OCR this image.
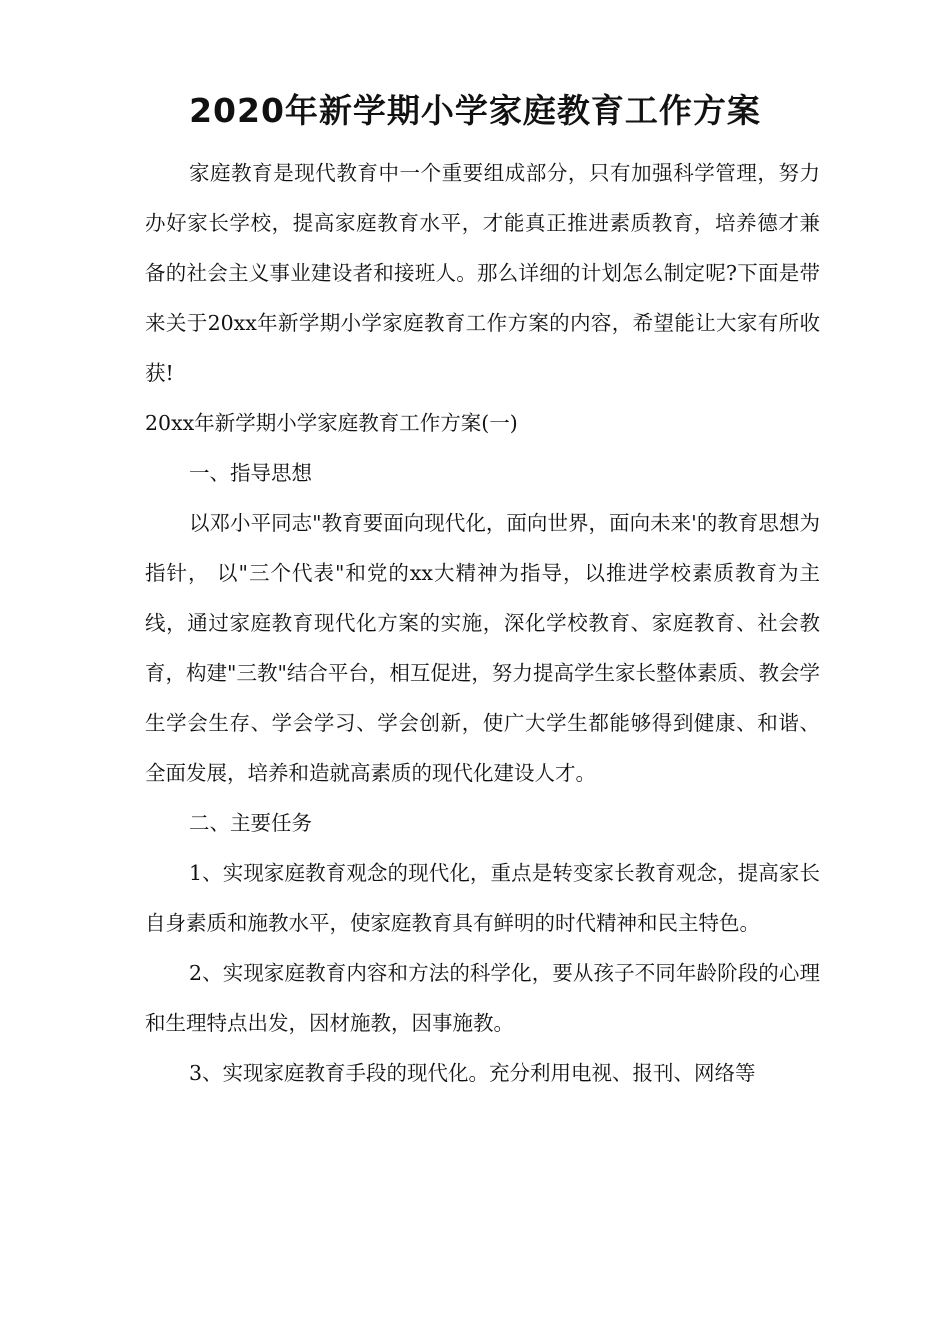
2020年新学期小学家庭教育工作方案

家庭教育是现代教育中一个重要组成部分，只有加强科学管理，努力办好家长学校，提高家庭教育水平，才能真正推进素质教育，培养德才兼备的社会主义事业建设者和接班人。那么详细的计划怎么制定呢?下面是带来关于20xx年新学期小学家庭教育工作方案的内容，希望能让大家有所收获!

20xx年新学期小学家庭教育工作方案(一)

一、指导思想

以邓小平同志"教育要面向现代化，面向世界，面向未来'的教育思想为指针， 以"三个代表"和党的xx大精神为指导，以推进学校素质教育为主线，通过家庭教育现代化方案的实施，深化学校教育、家庭教育、社会教育，构建"三教"结合平台，相互促进，努力提高学生家长整体素质、教会学生学会生存、学会学习、学会创新，使广大学生都能够得到健康、和谐、全面发展，培养和造就高素质的现代化建设人才。

二、主要任务

1、实现家庭教育观念的现代化，重点是转变家长教育观念，提高家长自身素质和施教水平，使家庭教育具有鲜明的时代精神和民主特色。

2、实现家庭教育内容和方法的科学化，要从孩子不同年龄阶段的心理和生理特点出发，因材施教，因事施教。

3、实现家庭教育手段的现代化。充分利用电视、报刊、网络等
